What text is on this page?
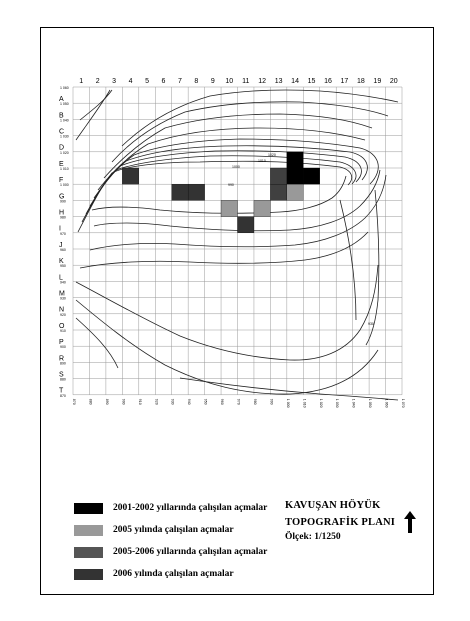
990
1000
1010
1020
930
1 2 3 4 5 6 7 8 9 10 11 12 13 14 15 16 17 18 19 20
A
B
C
D
E
F
G
H
I
J
K
L
M
N
O
P
R
S
T
1 060
1 050
1 040
1 030
1 020
1 010
1 000
990
980
970
960
950
940
930
920
910
900
890
880
870
870	880	890	900	910	920	930	940	950	960	970	980	990	1 000	1 010	1 020	1 030	1 040	1 050	1 060	1 070
2001-2002 yıllarında çalışılan açmalar
2005 yılında çalışılan açmalar
2005-2006 yıllarında çalışılan açmalar
2006 yılında çalışılan açmalar
KAVUŞAN HÖYÜK
TOPOGRAFİK PLANI
Ölçek: 1/1250
